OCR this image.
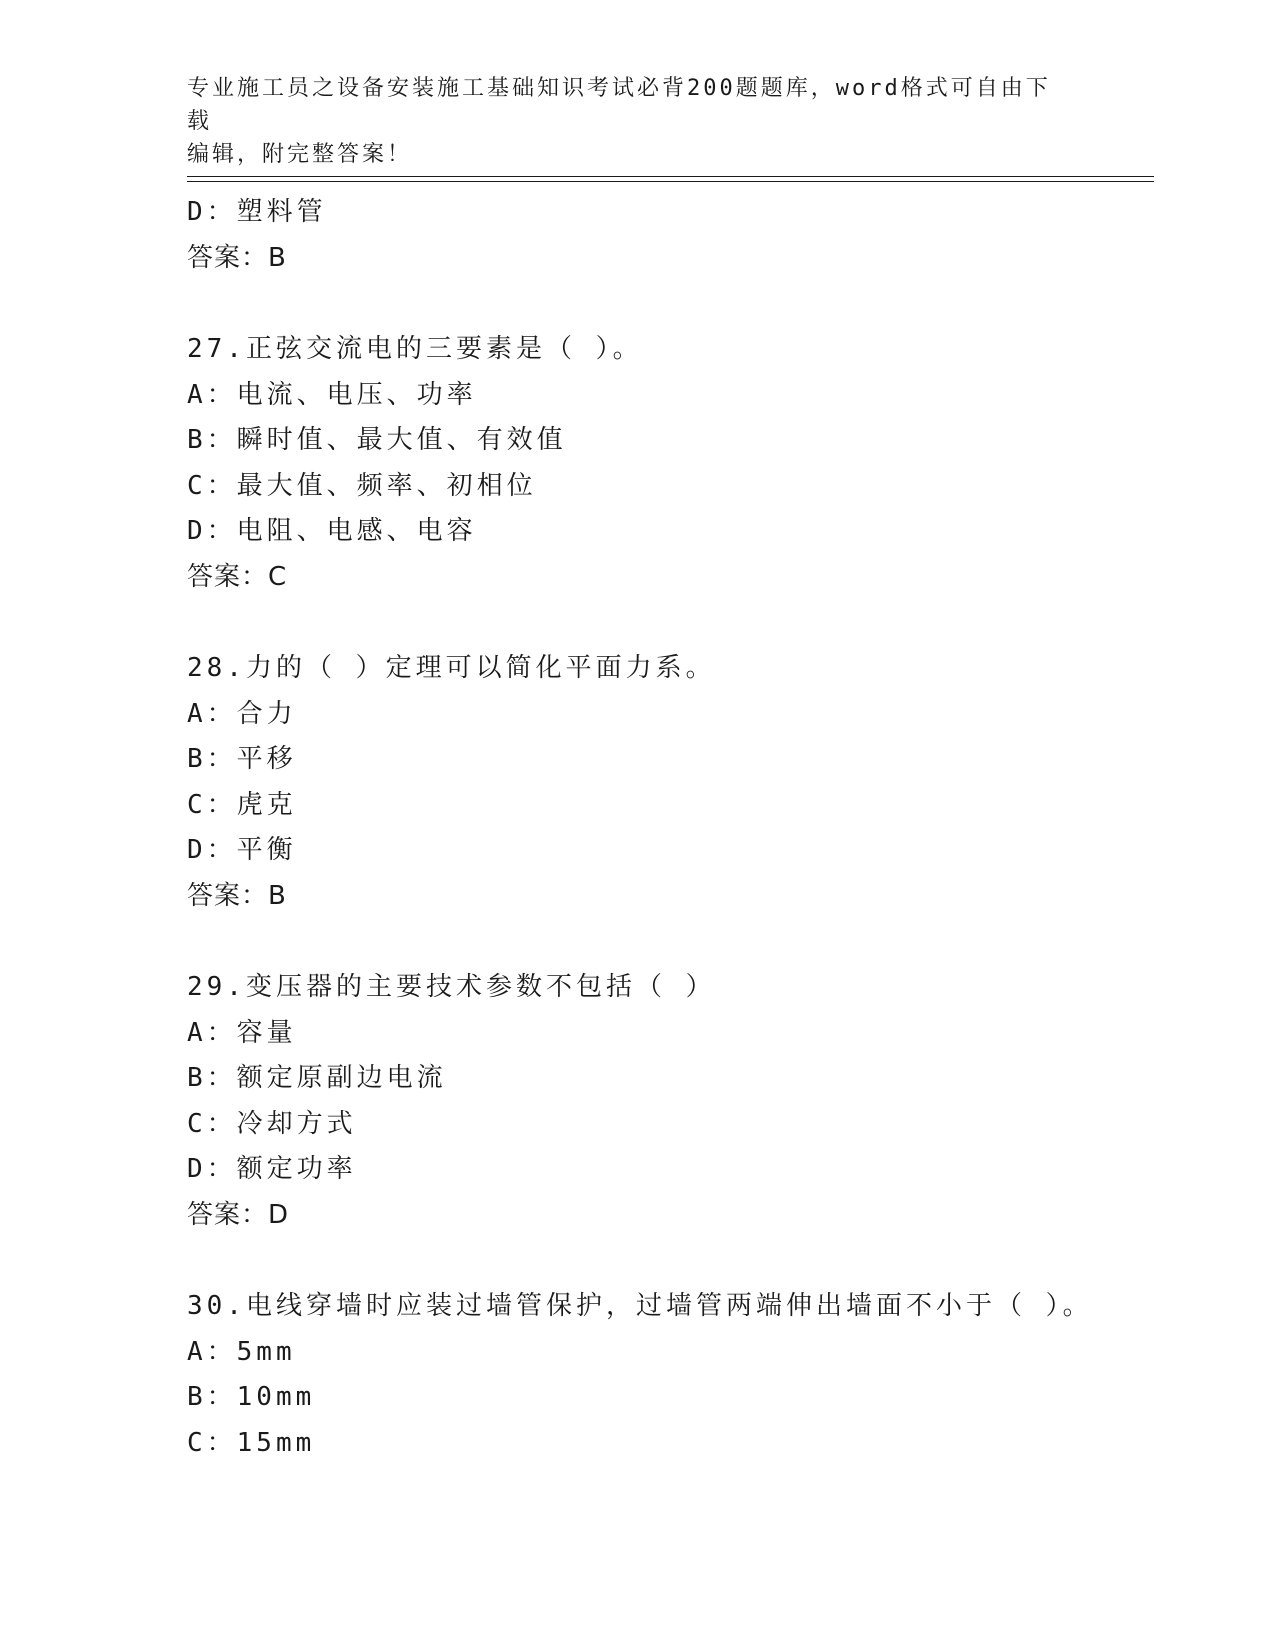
专业施工员之设备安装施工基础知识考试必背200题题库，word格式可自由下载
编辑，附完整答案！
D：塑料管
答案：B
27.正弦交流电的三要素是（ ）。
A：电流、电压、功率
B：瞬时值、最大值、有效值
C：最大值、频率、初相位
D：电阻、电感、电容
答案：C
28.力的（ ）定理可以简化平面力系。
A：合力
B：平移
C：虎克
D：平衡
答案：B
29.变压器的主要技术参数不包括（ ）
A：容量
B：额定原副边电流
C：冷却方式
D：额定功率
答案：D
30.电线穿墙时应装过墙管保护，过墙管两端伸出墙面不小于（ ）。
A：5mm
B：10mm
C：15mm
